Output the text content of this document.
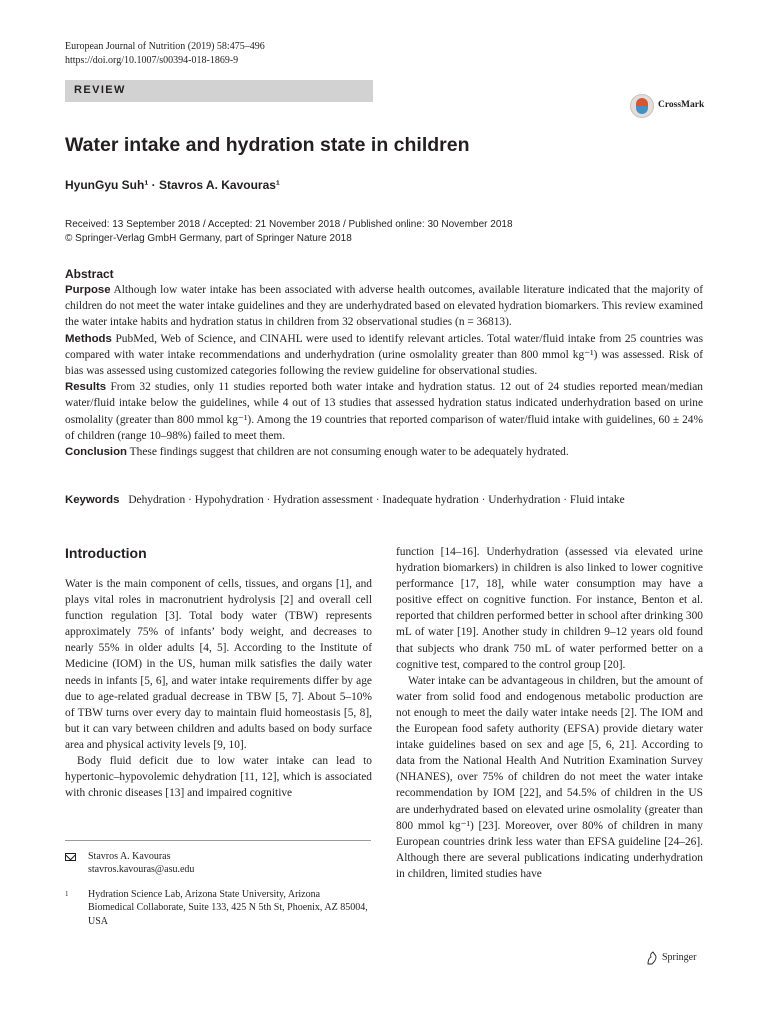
European Journal of Nutrition (2019) 58:475–496
https://doi.org/10.1007/s00394-018-1869-9
REVIEW
CrossMark
Water intake and hydration state in children
HyunGyu Suh¹ · Stavros A. Kavouras¹
Received: 13 September 2018 / Accepted: 21 November 2018 / Published online: 30 November 2018
© Springer-Verlag GmbH Germany, part of Springer Nature 2018
Abstract

Purpose Although low water intake has been associated with adverse health outcomes, available literature indicated that the majority of children do not meet the water intake guidelines and they are underhydrated based on elevated hydration biomarkers. This review examined the water intake habits and hydration status in children from 32 observational studies (n = 36813).

Methods PubMed, Web of Science, and CINAHL were used to identify relevant articles. Total water/fluid intake from 25 countries was compared with water intake recommendations and underhydration (urine osmolality greater than 800 mmol kg⁻¹) was assessed. Risk of bias was assessed using customized categories following the review guideline for observational studies.

Results From 32 studies, only 11 studies reported both water intake and hydration status. 12 out of 24 studies reported mean/median water/fluid intake below the guidelines, while 4 out of 13 studies that assessed hydration status indicated underhydration based on urine osmolality (greater than 800 mmol kg⁻¹). Among the 19 countries that reported comparison of water/fluid intake with guidelines, 60 ± 24% of children (range 10–98%) failed to meet them.

Conclusion These findings suggest that children are not consuming enough water to be adequately hydrated.

Keywords Dehydration · Hypohydration · Hydration assessment · Inadequate hydration · Underhydration · Fluid intake
Introduction

Water is the main component of cells, tissues, and organs [1], and plays vital roles in macronutrient hydrolysis [2] and overall cell function regulation [3]. Total body water (TBW) represents approximately 75% of infants’ body weight, and decreases to nearly 55% in older adults [4, 5]. According to the Institute of Medicine (IOM) in the US, human milk satisfies the daily water needs in infants [5, 6], and water intake requirements differ by age due to age-related gradual decrease in TBW [5, 7]. About 5–10% of TBW turns over every day to maintain fluid homeostasis [5, 8], but it can vary between children and adults based on body surface area and physical activity levels [9, 10].

Body fluid deficit due to low water intake can lead to hypertonic–hypovolemic dehydration [11, 12], which is associated with chronic diseases [13] and impaired cognitive

function [14–16]. Underhydration (assessed via elevated urine hydration biomarkers) in children is also linked to lower cognitive performance [17, 18], while water consumption may have a positive effect on cognitive function. For instance, Benton et al. reported that children performed better in school after drinking 300 mL of water [19]. Another study in children 9–12 years old found that subjects who drank 750 mL of water performed better on a cognitive test, compared to the control group [20].

Water intake can be advantageous in children, but the amount of water from solid food and endogenous metabolic production are not enough to meet the daily water intake needs [2]. The IOM and the European food safety authority (EFSA) provide dietary water intake guidelines based on sex and age [5, 6, 21]. According to data from the National Health And Nutrition Examination Survey (NHANES), over 75% of children do not meet the water intake recommendation by IOM [22], and 54.5% of children in the US are underhydrated based on elevated urine osmolality (greater than 800 mmol kg⁻¹) [23]. Moreover, over 80% of children in many European countries drink less water than EFSA guideline [24–26]. Although there are several publications indicating underhydration in children, limited studies have

Stavros A. Kavouras
stavros.kavouras@asu.edu
1 Hydration Science Lab, Arizona State University, Arizona Biomedical Collaborate, Suite 133, 425 N 5th St, Phoenix, AZ 85004, USA
Springer
